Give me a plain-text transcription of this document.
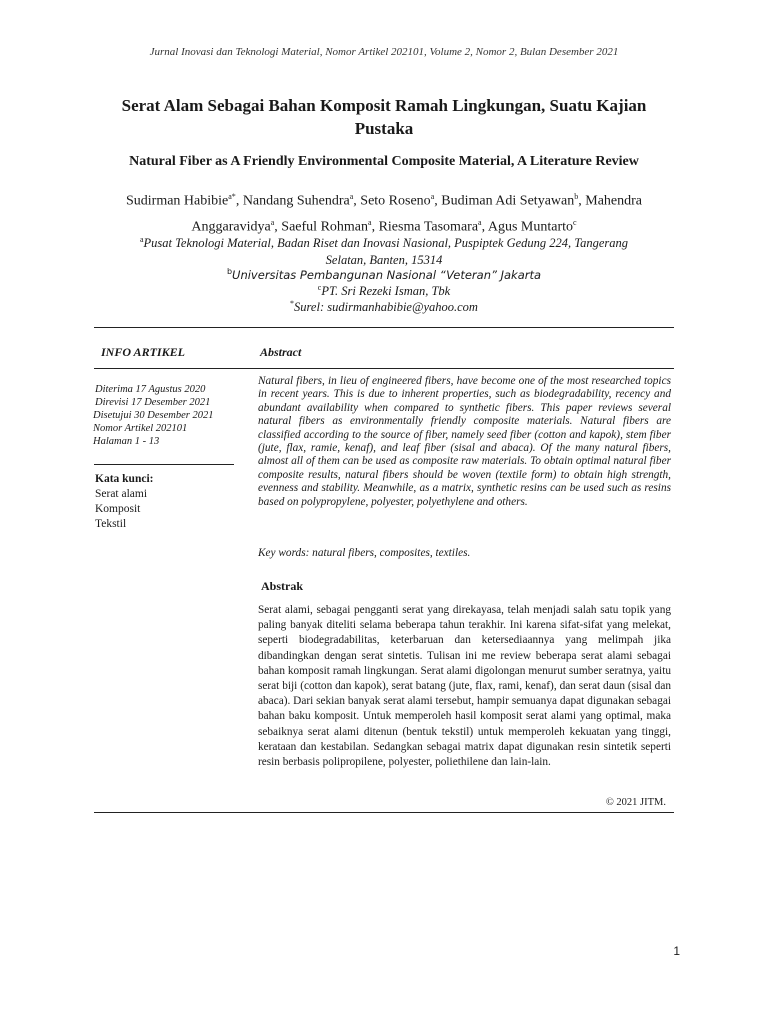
Jurnal Inovasi dan Teknologi Material, Nomor Artikel 202101, Volume 2, Nomor 2, Bulan Desember 2021
Serat Alam Sebagai Bahan Komposit Ramah Lingkungan, Suatu Kajian Pustaka
Natural Fiber as A Friendly Environmental Composite Material, A Literature Review
Sudirman Habibie$^{a*}$, Nandang Suhendra$^a$, Seto Roseno$^a$, Budiman Adi Setyawan$^b$, Mahendra Anggaravidya$^a$, Saeful Rohman$^a$, Riesma Tasomara$^a$, Agus Muntarto$^c$
$^a$Pusat Teknologi Material, Badan Riset dan Inovasi Nasional, Puspiptek Gedung 224, Tangerang
Selatan, Banten, 15314
$^b$Universitas Pembangunan Nasional “Veteran” Jakarta
$^c$PT. Sri Rezeki Isman, Tbk
*Surel: sudirmanhabibie@yahoo.com
INFO ARTIKEL	Abstract
Diterima 17 Agustus 2020
Direvisi 17 Desember 2021
Disetujui 30 Desember 2021
Nomor Artikel 202101
Halaman 1 - 13
Kata kunci:
Serat alami
Komposit
Tekstil
Natural fibers, in lieu of engineered fibers, have become one of the most researched topics in recent years. This is due to inherent properties, such as biodegradability, recency and abundant availability when compared to synthetic fibers. This paper reviews several natural fibers as environmentally friendly composite materials. Natural fibers are classified according to the source of fiber, namely seed fiber (cotton and kapok), stem fiber (jute, flax, ramie, kenaf), and leaf fiber (sisal and abaca). Of the many natural fibers, almost all of them can be used as composite raw materials. To obtain optimal natural fiber composite results, natural fibers should be woven (textile form) to obtain high strength, evenness and stability. Meanwhile, as a matrix, synthetic resins can be used such as resins based on polypropylene, polyester, polyethylene and others.
Key words: natural fibers, composites, textiles.
Abstrak
Serat alami, sebagai pengganti serat yang direkayasa, telah menjadi salah satu topik yang paling banyak diteliti selama beberapa tahun terakhir. Ini karena sifat-sifat yang melekat, seperti biodegradabilitas, keterbaruan dan ketersediaannya yang melimpah jika dibandingkan dengan serat sintetis. Tulisan ini me review beberapa serat alami sebagai bahan komposit ramah lingkungan. Serat alami digolongan menurut sumber seratnya, yaitu serat biji (cotton dan kapok), serat batang (jute, flax, rami, kenaf), dan serat daun (sisal dan abaca). Dari sekian banyak serat alami tersebut, hampir semuanya dapat digunakan sebagai bahan baku komposit. Untuk memperoleh hasil komposit serat alami yang optimal, maka sebaiknya serat alami ditenun (bentuk tekstil) untuk memperoleh kekuatan yang tinggi, kerataan dan kestabilan. Sedangkan sebagai matrix dapat digunakan resin sintetik seperti resin berbasis polipropilene, polyester, poliethilene dan lain-lain.
© 2021 JITM.
1
